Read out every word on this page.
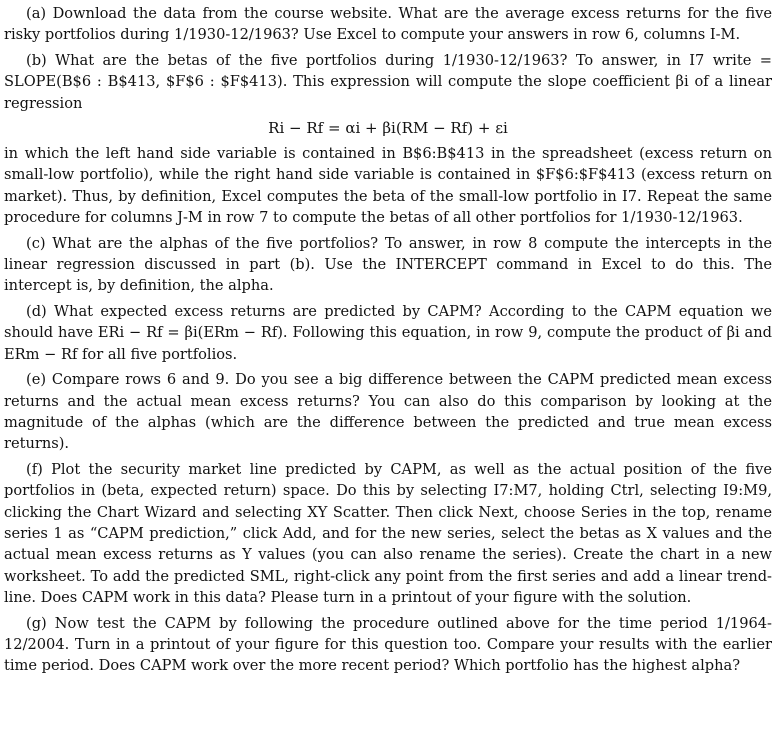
(a) Download the data from the course website. What are the average excess returns for the five risky portfolios during 1/1930-12/1963? Use Excel to compute your answers in row 6, columns I-M.

(b) What are the betas of the five portfolios during 1/1930-12/1963? To answer, in I7 write = SLOPE(B$6 : B$413, $F$6 : $F$413). This expression will compute the slope coefficient βi of a linear regression

Ri − Rf = αi + βi(RM − Rf) + εi

in which the left hand side variable is contained in B$6:B$413 in the spreadsheet (excess return on small-low portfolio), while the right hand side variable is contained in $F$6:$F$413 (excess return on market). Thus, by definition, Excel computes the beta of the small-low portfolio in I7. Repeat the same procedure for columns J-M in row 7 to compute the betas of all other portfolios for 1/1930-12/1963.

(c) What are the alphas of the five portfolios? To answer, in row 8 compute the intercepts in the linear regression discussed in part (b). Use the INTERCEPT command in Excel to do this. The intercept is, by definition, the alpha.

(d) What expected excess returns are predicted by CAPM? According to the CAPM equation we should have ERi − Rf = βi(ERm − Rf). Following this equation, in row 9, compute the product of βi and ERm − Rf for all five portfolios.

(e) Compare rows 6 and 9. Do you see a big difference between the CAPM predicted mean excess returns and the actual mean excess returns? You can also do this comparison by looking at the magnitude of the alphas (which are the difference between the predicted and true mean excess returns).

(f) Plot the security market line predicted by CAPM, as well as the actual position of the five portfolios in (beta, expected return) space. Do this by selecting I7:M7, holding Ctrl, selecting I9:M9, clicking the Chart Wizard and selecting XY Scatter. Then click Next, choose Series in the top, rename series 1 as “CAPM prediction,” click Add, and for the new series, select the betas as X values and the actual mean excess returns as Y values (you can also rename the series). Create the chart in a new worksheet. To add the predicted SML, right-click any point from the first series and add a linear trend-line. Does CAPM work in this data? Please turn in a printout of your figure with the solution.

(g) Now test the CAPM by following the procedure outlined above for the time period 1/1964-12/2004. Turn in a printout of your figure for this question too. Compare your results with the earlier time period. Does CAPM work over the more recent period? Which portfolio has the highest alpha?
